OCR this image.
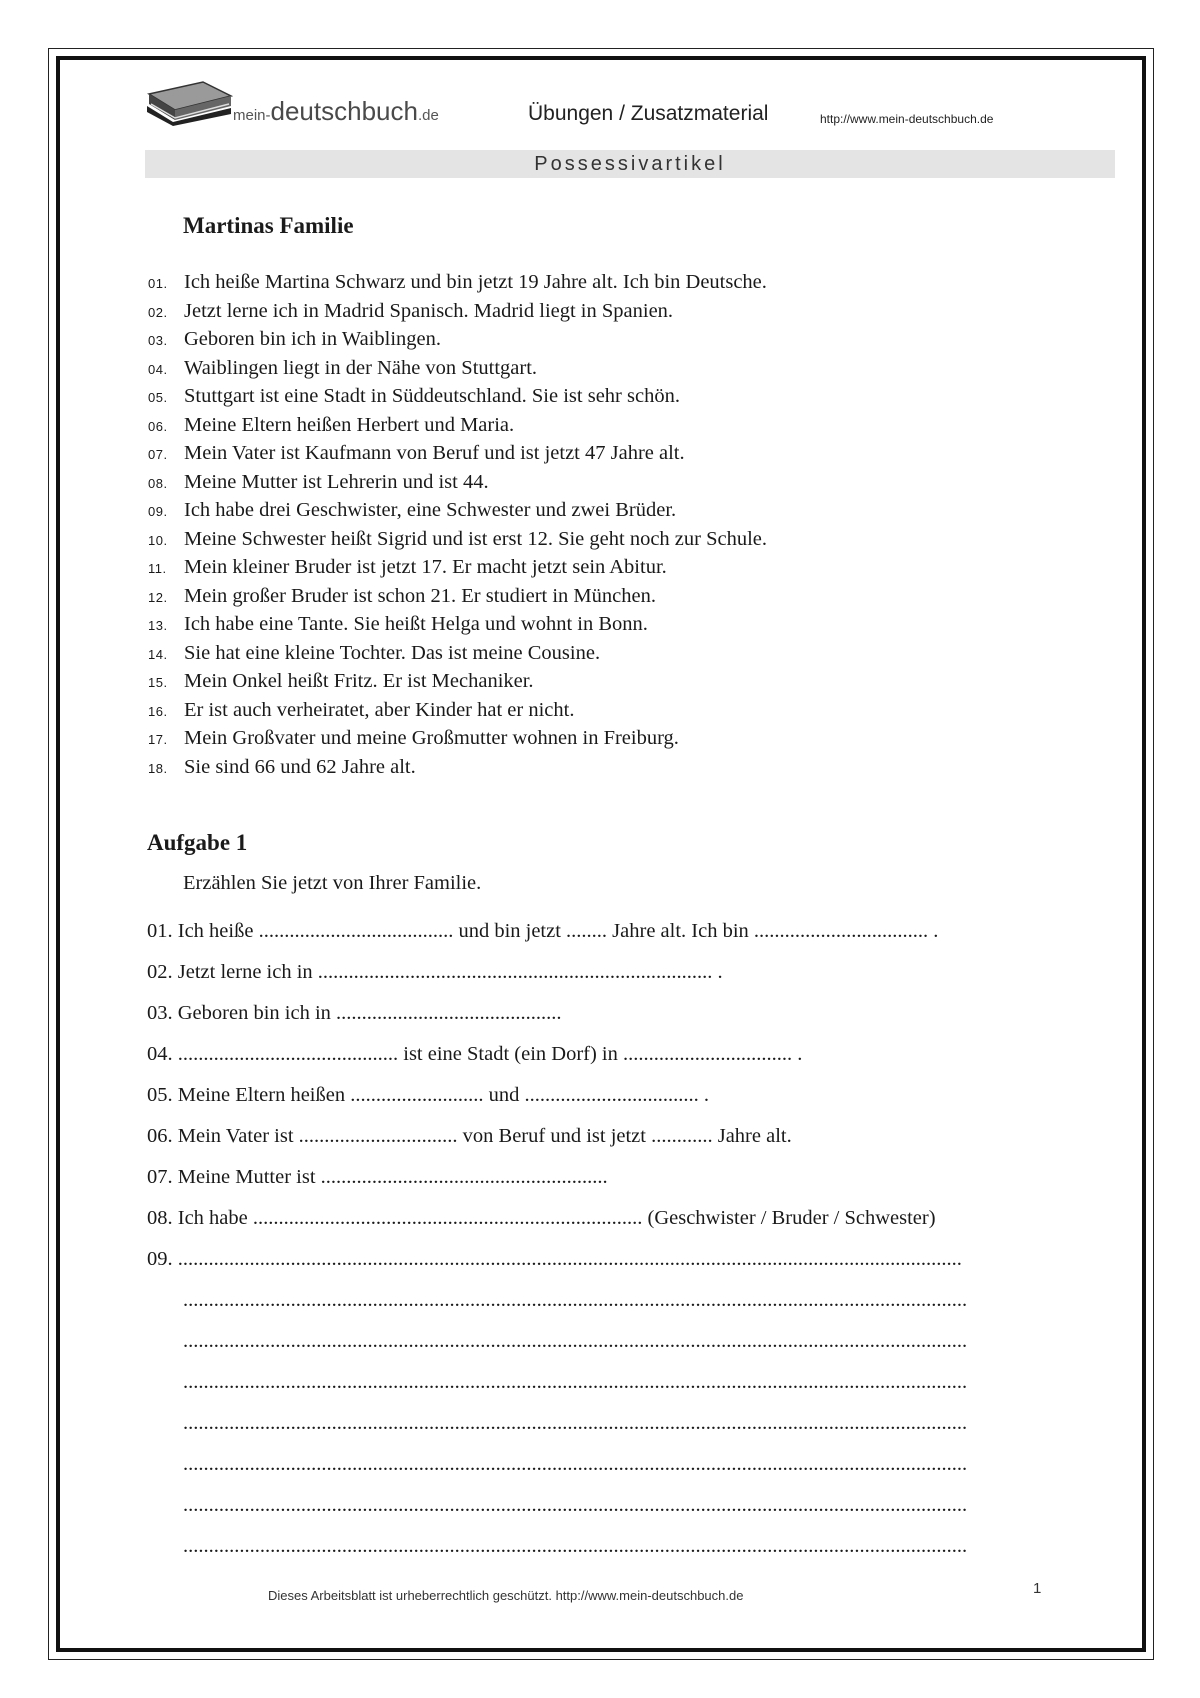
mein-deutschbuch.de	Übungen / Zusatzmaterial	http://www.mein-deutschbuch.de
Possessivartikel
Martinas Familie
01. Ich heiße Martina Schwarz und bin jetzt 19 Jahre alt. Ich bin Deutsche.
02. Jetzt lerne ich in Madrid Spanisch. Madrid liegt in Spanien.
03. Geboren bin ich in Waiblingen.
04. Waiblingen liegt in der Nähe von Stuttgart.
05. Stuttgart ist eine Stadt in Süddeutschland. Sie ist sehr schön.
06. Meine Eltern heißen Herbert und Maria.
07. Mein Vater ist Kaufmann von Beruf und ist jetzt 47 Jahre alt.
08. Meine Mutter ist Lehrerin und ist 44.
09. Ich habe drei Geschwister, eine Schwester und zwei Brüder.
10. Meine Schwester heißt Sigrid und ist erst 12. Sie geht noch zur Schule.
11. Mein kleiner Bruder ist jetzt 17. Er macht jetzt sein Abitur.
12. Mein großer Bruder ist schon 21. Er studiert in München.
13. Ich habe eine Tante. Sie heißt Helga und wohnt in Bonn.
14. Sie hat eine kleine Tochter. Das ist meine Cousine.
15. Mein Onkel heißt Fritz. Er ist Mechaniker.
16. Er ist auch verheiratet, aber Kinder hat er nicht.
17. Mein Großvater und meine Großmutter wohnen in Freiburg.
18. Sie sind 66 und 62 Jahre alt.
Aufgabe 1
Erzählen Sie jetzt von Ihrer Familie.
01. Ich heiße ...................................... und bin jetzt ........ Jahre alt. Ich bin .................................. .
02. Jetzt lerne ich in ............................................................................. .
03. Geboren bin ich in ............................................
04. ........................................... ist eine Stadt (ein Dorf) in ................................. .
05. Meine Eltern heißen .......................... und .................................. .
06. Mein Vater ist ............................... von Beruf und ist jetzt ............ Jahre alt.
07. Meine Mutter ist ........................................................
08. Ich habe ............................................................................ (Geschwister / Bruder / Schwester)
09. .........................................................................................................................................................
.........................................................................................................................................................
.........................................................................................................................................................
.........................................................................................................................................................
.........................................................................................................................................................
.........................................................................................................................................................
.........................................................................................................................................................
.........................................................................................................................................................
Dieses Arbeitsblatt ist urheberrechtlich geschützt. http://www.mein-deutschbuch.de	1
